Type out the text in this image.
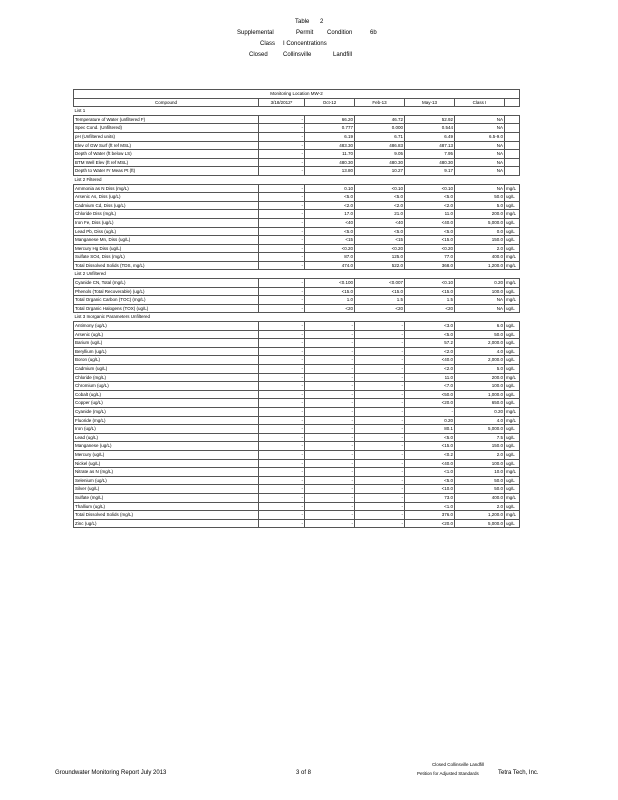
Table 2
Supplemental	Permit Condition	6b
Class I Concentrations
Closed	Collinsville	Landfill
Monitoring Location MW-2						
Compound	3/18/2012*	Oct-12	Feb-13	May-13	Class I	
List 1						
Temperature of Water (unfiltered F)	-	66.20	46.72	52.92	NA	
Spec Cond. (Unfiltered)	-	0.777	0.000	0.544	NA	
pH (Unfiltered units)	-	6.19	6.71	6.49	6.5-9.0	
Elev of GW Surf (ft ref MSL)	-	483.30	486.83	487.13	NA	
Depth of Water (ft below LS)	-	11.70	9.05	7.95	NA	
BTM Well Elev (ft ref MSL)	-	480.30	480.30	480.30	NA	
Depth to Water Fr Meas Pt (ft)	-	13.80	10.27	9.17	NA	
List 2 Filtered						
Ammonia as N Diss (mg/L)	-	0.10	<0.10	<0.10	NA	mg/L
Arsenic As, Diss (ug/L)	-	<5.0	<5.0	<5.0	50.0	ug/L
Cadmium Cd, Diss (ug/L)	-	<2.0	<2.0	<2.0	5.0	ug/L
Chloride Diss (mg/L)	-	17.0	21.0	11.0	200.0	mg/L
Iron Fe, Diss (ug/L)	-	<40	<40	<40.0	5,000.0	ug/L
Lead Pb, Diss (ug/L)	-	<5.0	<5.0	<5.0	0.0	ug/L
Manganese Mn, Diss (ug/L)	-	<15	<15	<15.0	150.0	ug/L
Mercury Hg Diss (ug/L)	-	<0.20	<0.20	<0.20	2.0	ug/L
Sulfate SO4, Diss (mg/L)	-	87.0	125.0	77.0	400.0	mg/L
Total Dissolved Solids (TDS, mg/L)	-	474.0	522.0	368.0	1,200.0	mg/L
List 2 Unfiltered						
Cyanide CN, Total (mg/L)	-	<0.100	<0.007	<0.10	0.20	mg/L
Phenols (Total Recoverable) (ug/L)	-	<15.0	<15.0	<15.0	100.0	ug/L
Total Organic Carbon (TOC) (mg/L)	-	1.0	1.5	1.5	NA	mg/L
Total Organic Halogens (TOX) (ug/L)	-	<20	<20	<20	NA	ug/L
List 3 Inorganic Parameters Unfiltered						
Antimony (ug/L)	-	-	-	<3.0	6.0	ug/L
Arsenic (ug/L)	-	-	-	<5.0	50.0	ug/L
Barium (ug/L)	-	-	-	57.2	2,000.0	ug/L
Beryllium (ug/L)	-	-	-	<2.0	4.0	ug/L
Boron (ug/L)	-	-	-	<40.0	2,000.0	ug/L
Cadmium (ug/L)	-	-	-	<2.0	5.0	ug/L
Chloride (mg/L)	-	-	-	11.0	200.0	mg/L
Chromium (ug/L)	-	-	-	<7.0	100.0	ug/L
Cobalt (ug/L)	-	-	-	<50.0	1,000.0	ug/L
Copper (ug/L)	-	-	-	<20.0	650.0	ug/L
Cyanide (mg/L)	-	-	-	-	0.20	mg/L
Fluoride (mg/L)	-	-	-	0.20	4.0	mg/L
Iron (ug/L)	-	-	-	80.1	5,000.0	ug/L
Lead (ug/L)	-	-	-	<5.0	7.5	ug/L
Manganese (ug/L)	-	-	-	<15.0	150.0	ug/L
Mercury (ug/L)	-	-	-	<0.2	2.0	ug/L
Nickel (ug/L)	-	-	-	<40.0	100.0	ug/L
Nitrate as N (mg/L)	-	-	-	<1.0	10.0	mg/L
Selenium (ug/L)	-	-	-	<5.0	50.0	ug/L
Silver (ug/L)	-	-	-	<10.0	50.0	ug/L
Sulfate (mg/L)	-	-	-	73.0	400.0	mg/L
Thallium (ug/L)	-	-	-	<1.0	2.0	ug/L
Total Dissolved Solids (mg/L)	-	-	-	376.0	1,200.0	mg/L
Zinc (ug/L)	-	-	-	<20.0	5,000.0	ug/L
Groundwater Monitoring Report July 2013	3 of 8
Closed Collinsville Landfill
Petition for Adjusted Standards	Tetra Tech, Inc.
